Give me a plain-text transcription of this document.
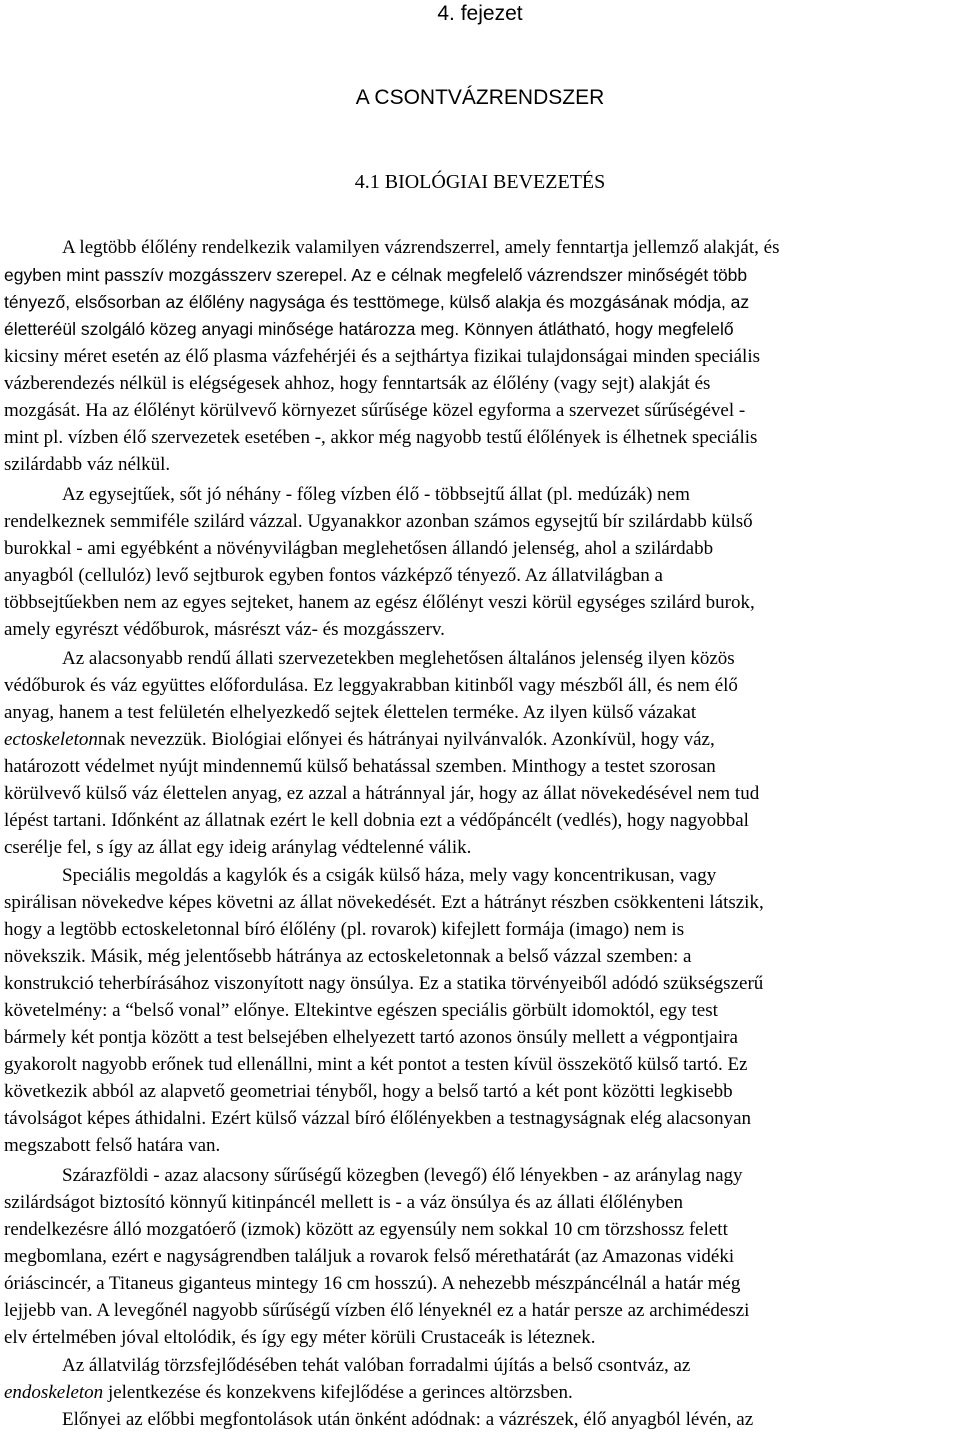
4. fejezet
A CSONTVÁZRENDSZER
4.1 BIOLÓGIAI BEVEZETÉS
A legtöbb élőlény rendelkezik valamilyen vázrendszerrel, amely fenntartja jellemző alakját, és
egyben mint passzív mozgásszerv szerepel. Az e célnak megfelelő vázrendszer minőségét több
tényező, elsősorban az élőlény nagysága és testtömege, külső alakja és mozgásának módja, az
életteréül szolgáló közeg anyagi minősége határozza meg. Könnyen átlátható, hogy megfelelő
kicsiny méret esetén az élő plasma vázfehérjéi és a sejthártya fizikai tulajdonságai minden speciális
vázberendezés nélkül is elégségesek ahhoz, hogy fenntartsák az élőlény (vagy sejt) alakját és
mozgását. Ha az élőlényt körülvevő környezet sűrűsége közel egyforma a szervezet sűrűségével -
mint pl. vízben élő szervezetek esetében -, akkor még nagyobb testű élőlények is élhetnek speciális
szilárdabb váz nélkül.
Az egysejtűek, sőt jó néhány - főleg vízben élő - többsejtű állat (pl. medúzák) nem
rendelkeznek semmiféle szilárd vázzal. Ugyanakkor azonban számos egysejtű bír szilárdabb külső
burokkal - ami egyébként a növényvilágban meglehetősen állandó jelenség, ahol a szilárdabb
anyagból (cellulóz) levő sejtburok egyben fontos vázképző tényező. Az állatvilágban a
többsejtűekben nem az egyes sejteket, hanem az egész élőlényt veszi körül egységes szilárd burok,
amely egyrészt védőburok, másrészt váz- és mozgásszerv.
Az alacsonyabb rendű állati szervezetekben meglehetősen általános jelenség ilyen közös
védőburok és váz együttes előfordulása. Ez leggyakrabban kitinből vagy mészből áll, és nem élő
anyag, hanem a test felületén elhelyezkedő sejtek élettelen terméke. Az ilyen külső vázakat
ectoskeletonnak nevezzük. Biológiai előnyei és hátrányai nyilvánvalók. Azonkívül, hogy váz,
határozott védelmet nyújt mindennemű külső behatással szemben. Minthogy a testet szorosan
körülvevő külső váz élettelen anyag, ez azzal a hátránnyal jár, hogy az állat növekedésével nem tud
lépést tartani. Időnként az állatnak ezért le kell dobnia ezt a védőpáncélt (vedlés), hogy nagyobbal
cserélje fel, s így az állat egy ideig aránylag védtelenné válik.
Speciális megoldás a kagylók és a csigák külső háza, mely vagy koncentrikusan, vagy
spirálisan növekedve képes követni az állat növekedését. Ezt a hátrányt részben csökkenteni látszik,
hogy a legtöbb ectoskeletonnal bíró élőlény (pl. rovarok) kifejlett formája (imago) nem is
növekszik. Másik, még jelentősebb hátránya az ectoskeletonnak a belső vázzal szemben: a
konstrukció teherbírásához viszonyított nagy önsúlya. Ez a statika törvényeiből adódó szükségszerű
követelmény: a “belső vonal” előnye. Eltekintve egészen speciális görbült idomoktól, egy test
bármely két pontja között a test belsejében elhelyezett tartó azonos önsúly mellett a végpontjaira
gyakorolt nagyobb erőnek tud ellenállni, mint a két pontot a testen kívül összekötő külső tartó. Ez
következik abból az alapvető geometriai tényből, hogy a belső tartó a két pont közötti legkisebb
távolságot képes áthidalni. Ezért külső vázzal bíró élőlényekben a testnagyságnak elég alacsonyan
megszabott felső határa van.
Szárazföldi - azaz alacsony sűrűségű közegben (levegő) élő lényekben - az aránylag nagy
szilárdságot biztosító könnyű kitinpáncél mellett is - a váz önsúlya és az állati élőlényben
rendelkezésre álló mozgatóerő (izmok) között az egyensúly nem sokkal 10 cm törzshossz felett
megbomlana, ezért e nagyságrendben találjuk a rovarok felső mérethatárát (az Amazonas vidéki
óriáscincér, a Titaneus giganteus mintegy 16 cm hosszú). A nehezebb mészpáncélnál a határ még
lejjebb van. A levegőnél nagyobb sűrűségű vízben élő lényeknél ez a határ persze az archimédeszi
elv értelmében jóval eltolódik, és így egy méter körüli Crustaceák is léteznek.
Az állatvilág törzsfejlődésében tehát valóban forradalmi újítás a belső csontváz, az
endoskeleton jelentkezése és konzekvens kifejlődése a gerinces altörzsben.
Előnyei az előbbi megfontolások után önként adódnak: a vázrészek, élő anyagból lévén, az
